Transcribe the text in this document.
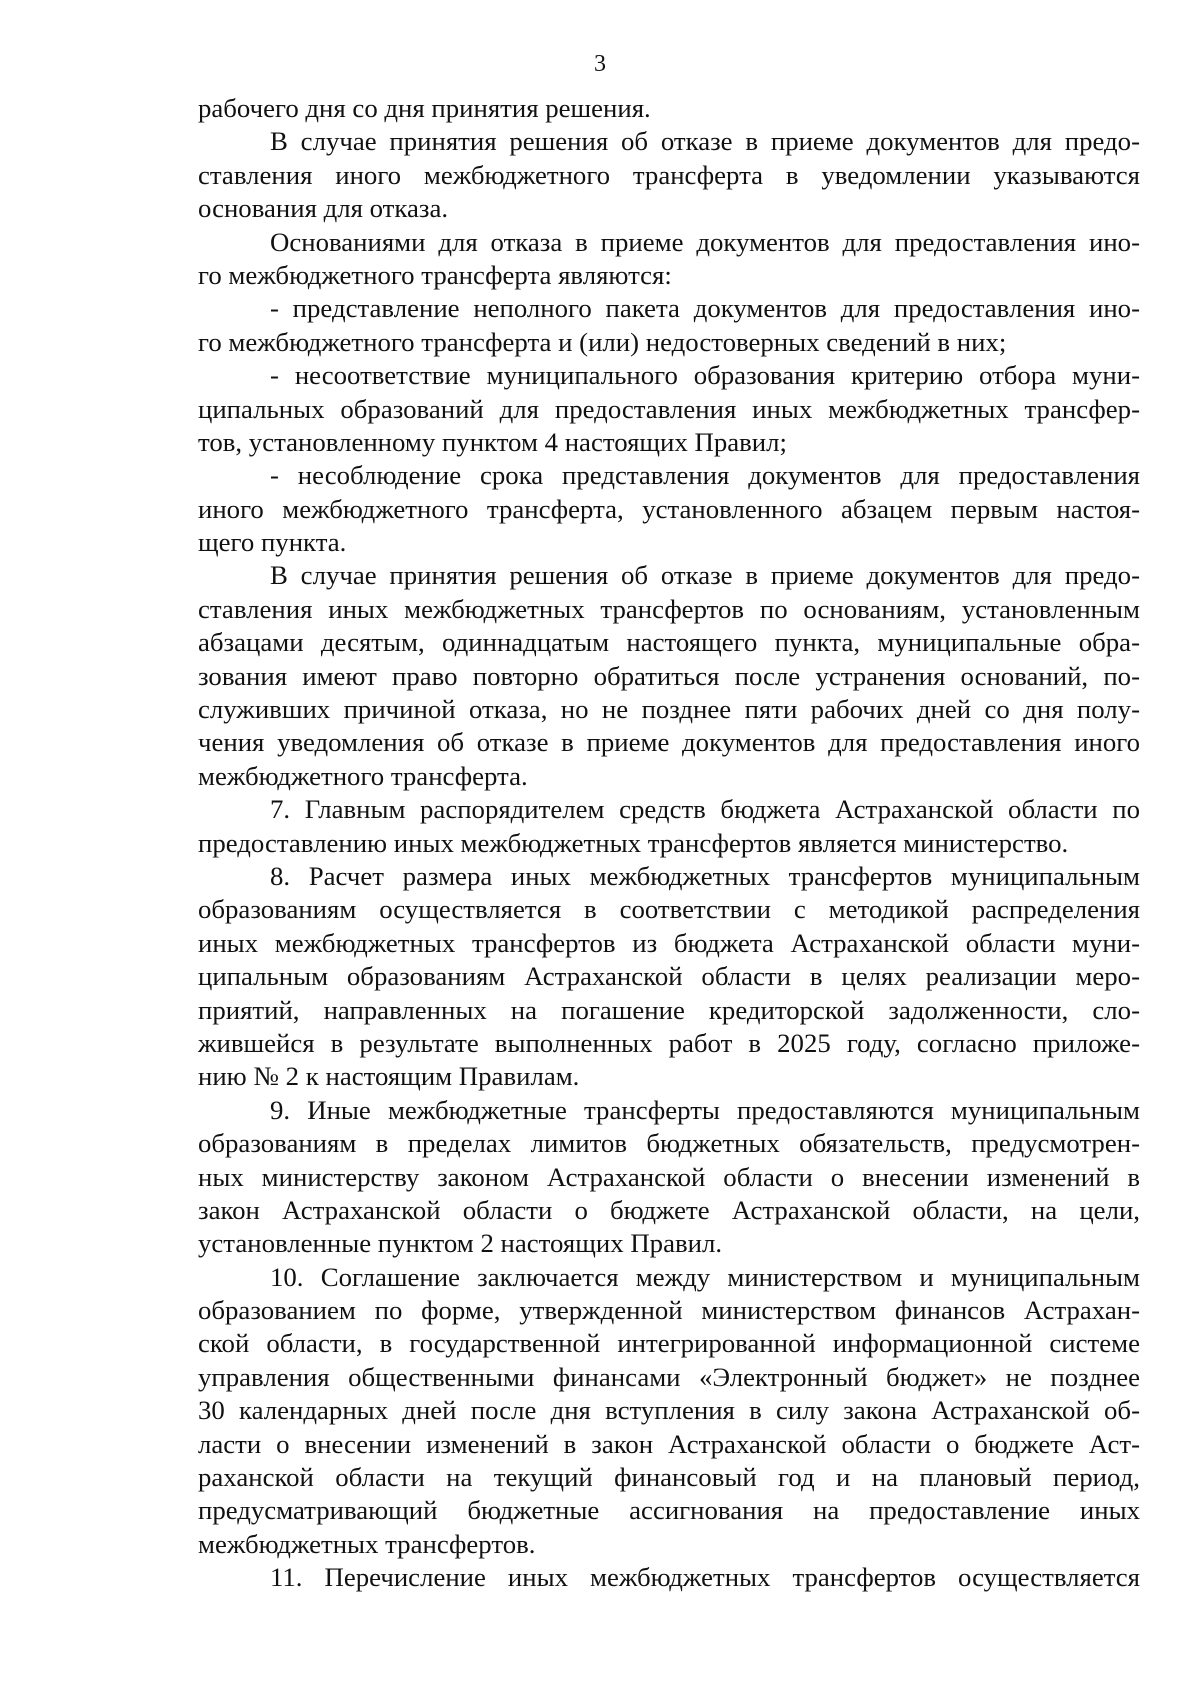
3
рабочего дня со дня принятия решения.
В случае принятия решения об отказе в приеме документов для предо-
ставления иного межбюджетного трансферта в уведомлении указываются
основания для отказа.
Основаниями для отказа в приеме документов для предоставления ино-
го межбюджетного трансферта являются:
- представление неполного пакета документов для предоставления ино-
го межбюджетного трансферта и (или) недостоверных сведений в них;
- несоответствие муниципального образования критерию отбора муни-
ципальных образований для предоставления иных межбюджетных трансфер-
тов, установленному пунктом 4 настоящих Правил;
- несоблюдение срока представления документов для предоставления
иного межбюджетного трансферта, установленного абзацем первым настоя-
щего пункта.
В случае принятия решения об отказе в приеме документов для предо-
ставления иных межбюджетных трансфертов по основаниям, установленным
абзацами десятым, одиннадцатым настоящего пункта, муниципальные обра-
зования имеют право повторно обратиться после устранения оснований, по-
служивших причиной отказа, но не позднее пяти рабочих дней со дня полу-
чения уведомления об отказе в приеме документов для предоставления иного
межбюджетного трансферта.
7. Главным распорядителем средств бюджета Астраханской области по
предоставлению иных межбюджетных трансфертов является министерство.
8. Расчет размера иных межбюджетных трансфертов муниципальным
образованиям осуществляется в соответствии с методикой распределения
иных межбюджетных трансфертов из бюджета Астраханской области муни-
ципальным образованиям Астраханской области в целях реализации меро-
приятий, направленных на погашение кредиторской задолженности, сло-
жившейся в результате выполненных работ в 2025 году, согласно приложе-
нию № 2 к настоящим Правилам.
9. Иные межбюджетные трансферты предоставляются муниципальным
образованиям в пределах лимитов бюджетных обязательств, предусмотрен-
ных министерству законом Астраханской области о внесении изменений в
закон Астраханской области о бюджете Астраханской области, на цели,
установленные пунктом 2 настоящих Правил.
10. Соглашение заключается между министерством и муниципальным
образованием по форме, утвержденной министерством финансов Астрахан-
ской области, в государственной интегрированной информационной системе
управления общественными финансами «Электронный бюджет» не позднее
30 календарных дней после дня вступления в силу закона Астраханской об-
ласти о внесении изменений в закон Астраханской области о бюджете Аст-
раханской области на текущий финансовый год и на плановый период,
предусматривающий бюджетные ассигнования на предоставление иных
межбюджетных трансфертов.
11. Перечисление иных межбюджетных трансфертов осуществляется
